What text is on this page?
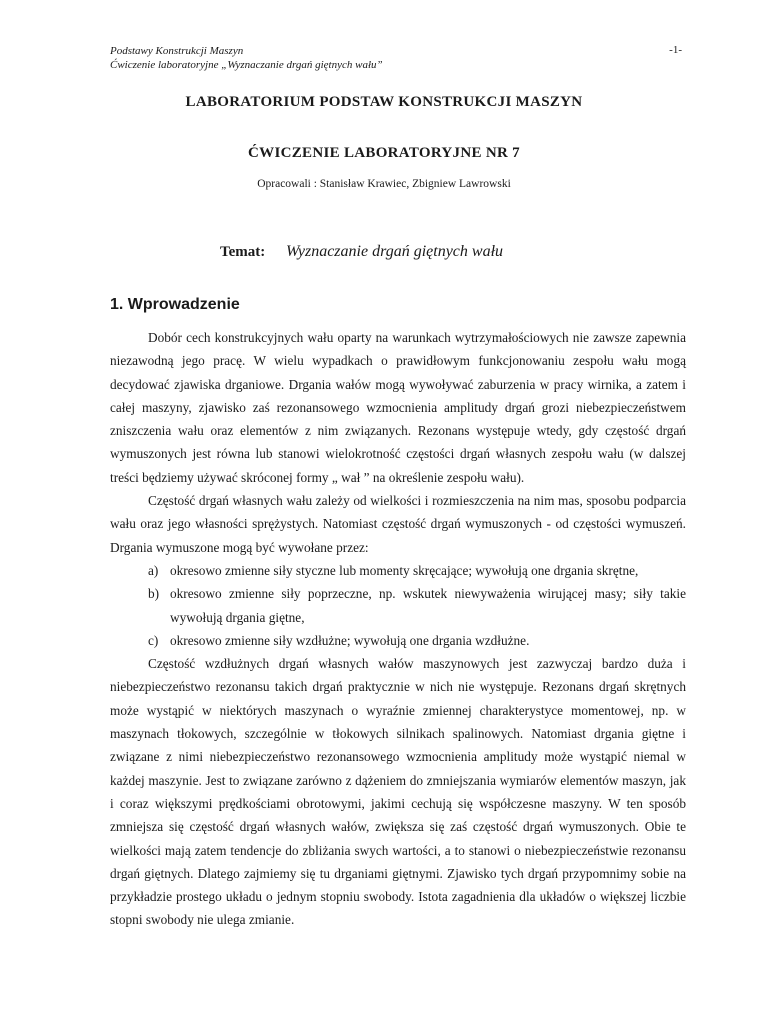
Podstawy Konstrukcji Maszyn
Ćwiczenie laboratoryjne „Wyznaczanie drgań giętnych wału”
-1-
LABORATORIUM PODSTAW KONSTRUKCJI MASZYN
ĆWICZENIE LABORATORYJNE NR 7
Opracowali : Stanisław Krawiec, Zbigniew Lawrowski
Temat: Wyznaczanie drgań giętnych wału
1. Wprowadzenie

Dobór cech konstrukcyjnych wału oparty na warunkach wytrzymałościowych nie zawsze zapewnia niezawodną jego pracę. W wielu wypadkach o prawidłowym funkcjonowaniu zespołu wału mogą decydować zjawiska drganiowe. Drgania wałów mogą wywoływać zaburzenia w pracy wirnika, a zatem i całej maszyny, zjawisko zaś rezonansowego wzmocnienia amplitudy drgań grozi niebezpieczeństwem zniszczenia wału oraz elementów z nim związanych. Rezonans występuje wtedy, gdy częstość drgań wymuszonych jest równa lub stanowi wielokrotność częstości drgań własnych zespołu wału (w dalszej treści będziemy używać skróconej formy „ wał ” na określenie zespołu wału).

Częstość drgań własnych wału zależy od wielkości i rozmieszczenia na nim mas, sposobu podparcia wału oraz jego własności sprężystych. Natomiast częstość drgań wymuszonych - od częstości wymuszeń. Drgania wymuszone mogą być wywołane przez:

a) okresowo zmienne siły styczne lub momenty skręcające; wywołują one drgania skrętne,
b) okresowo zmienne siły poprzeczne, np. wskutek niewyważenia wirującej masy; siły takie wywołują drgania giętne,
c) okresowo zmienne siły wzdłużne; wywołują one drgania wzdłużne.

Częstość wzdłużnych drgań własnych wałów maszynowych jest zazwyczaj bardzo duża i niebezpieczeństwo rezonansu takich drgań praktycznie w nich nie występuje. Rezonans drgań skrętnych może wystąpić w niektórych maszynach o wyraźnie zmiennej charakterystyce momentowej, np. w maszynach tłokowych, szczególnie w tłokowych silnikach spalinowych. Natomiast drgania giętne i związane z nimi niebezpieczeństwo rezonansowego wzmocnienia amplitudy może wystąpić niemal w każdej maszynie. Jest to związane zarówno z dążeniem do zmniejszania wymiarów elementów maszyn, jak i coraz większymi prędkościami obrotowymi, jakimi cechują się współczesne maszyny. W ten sposób zmniejsza się częstość drgań własnych wałów, zwiększa się zaś częstość drgań wymuszonych. Obie te wielkości mają zatem tendencje do zbliżania swych wartości, a to stanowi o niebezpieczeństwie rezonansu drgań giętnych. Dlatego zajmiemy się tu drganiami giętnymi. Zjawisko tych drgań przypomnimy sobie na przykładzie prostego układu o jednym stopniu swobody. Istota zagadnienia dla układów o większej liczbie stopni swobody nie ulega zmianie.
